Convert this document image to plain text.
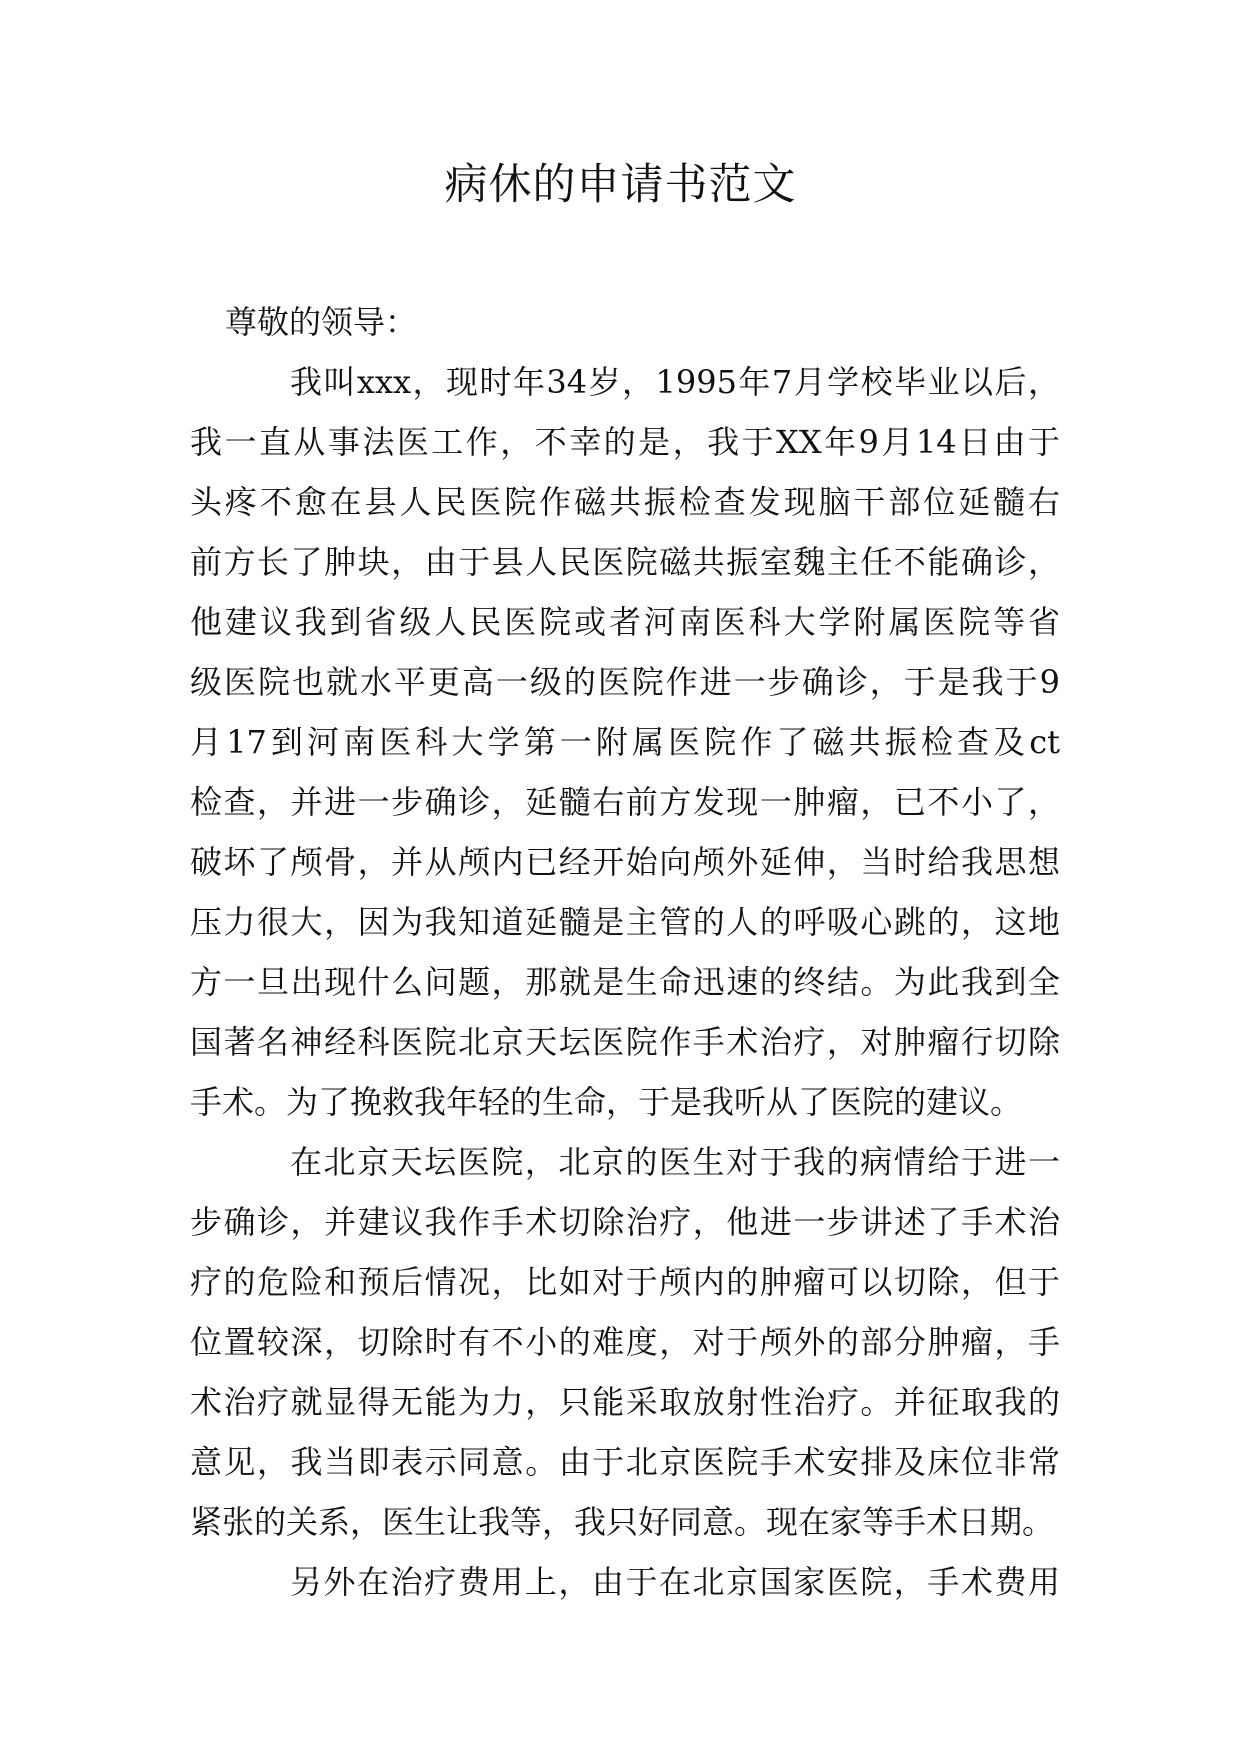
病休的申请书范文
尊敬的领导：
我叫xxx，现时年34岁，1995年7月学校毕业以后，
我一直从事法医工作，不幸的是，我于XX年9月14日由于
头疼不愈在县人民医院作磁共振检查发现脑干部位延髓右
前方长了肿块，由于县人民医院磁共振室魏主任不能确诊，
他建议我到省级人民医院或者河南医科大学附属医院等省
级医院也就水平更高一级的医院作进一步确诊，于是我于9
月17到河南医科大学第一附属医院作了磁共振检查及ct
检查，并进一步确诊，延髓右前方发现一肿瘤，已不小了，
破坏了颅骨，并从颅内已经开始向颅外延伸，当时给我思想
压力很大，因为我知道延髓是主管的人的呼吸心跳的，这地
方一旦出现什么问题，那就是生命迅速的终结。为此我到全
国著名神经科医院北京天坛医院作手术治疗，对肿瘤行切除
手术。为了挽救我年轻的生命，于是我听从了医院的建议。
在北京天坛医院，北京的医生对于我的病情给于进一
步确诊，并建议我作手术切除治疗，他进一步讲述了手术治
疗的危险和预后情况，比如对于颅内的肿瘤可以切除，但于
位置较深，切除时有不小的难度，对于颅外的部分肿瘤，手
术治疗就显得无能为力，只能采取放射性治疗。并征取我的
意见，我当即表示同意。由于北京医院手术安排及床位非常
紧张的关系，医生让我等，我只好同意。现在家等手术日期。
另外在治疗费用上，由于在北京国家医院，手术费用
